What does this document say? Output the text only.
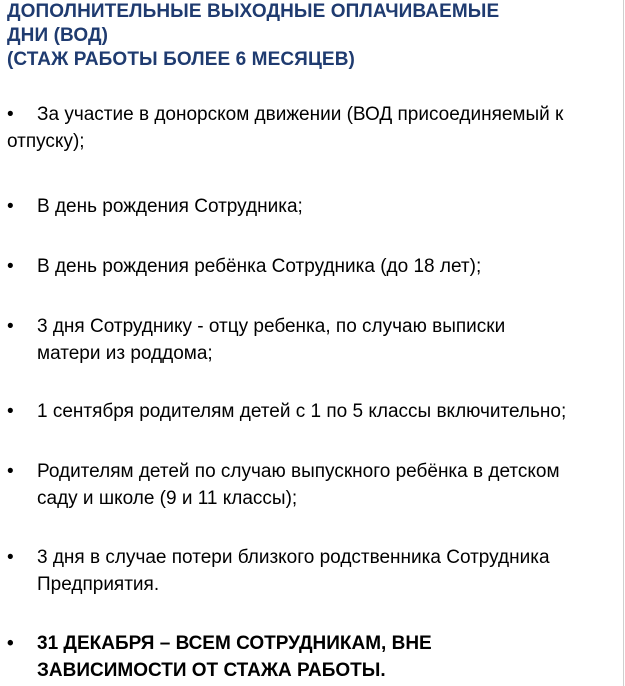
ДОПОЛНИТЕЛЬНЫЕ ВЫХОДНЫЕ ОПЛАЧИВАЕМЫЕ
ДНИ (ВОД)
(СТАЖ РАБОТЫ БОЛЕЕ 6 МЕСЯЦЕВ)
•	За участие в донорском движении (ВОД присоединяемый к отпуску);
•	В день рождения Сотрудника;
•	В день рождения ребёнка Сотрудника (до 18 лет);
•	3 дня Сотруднику - отцу ребенка, по случаю выписки матери из роддома;
•	1 сентября родителям детей с 1 по 5 классы включительно;
•	Родителям детей по случаю выпускного ребёнка в детском саду и школе (9 и 11 классы);
•	3 дня в случае потери близкого родственника Сотрудника Предприятия.
•	31 ДЕКАБРЯ – ВСЕМ СОТРУДНИКАМ, ВНЕ ЗАВИСИМОСТИ ОТ СТАЖА РАБОТЫ.
